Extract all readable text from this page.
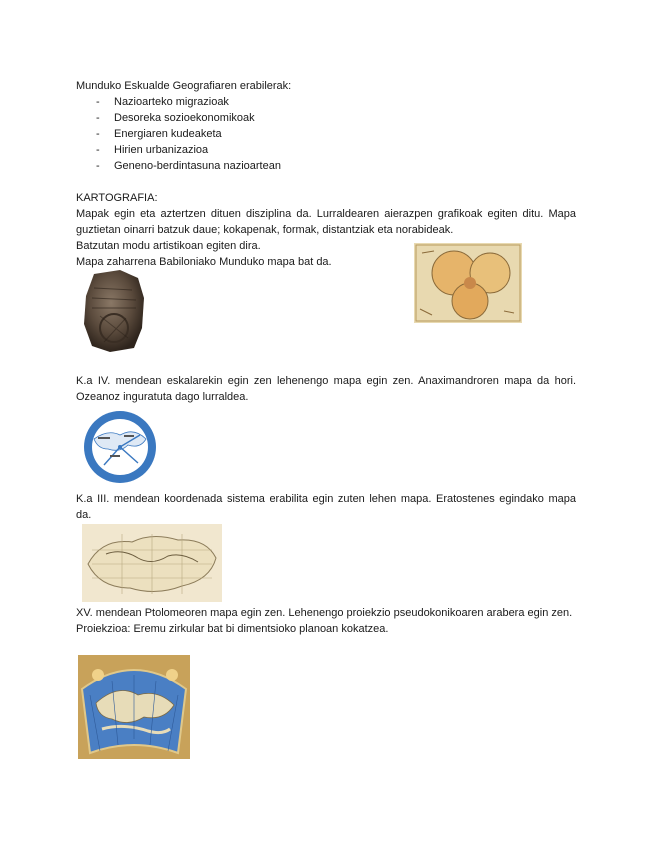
Munduko Eskualde Geografiaren erabilerak:

- Nazioarteko migrazioak
- Desoreka sozioekonomikoak
- Energiaren kudeaketa
- Hirien urbanizazioa
- Geneno-berdintasuna nazioartean

KARTOGRAFIA:

Mapak egin eta aztertzen dituen disziplina da. Lurraldearen aierazpen grafikoak egiten ditu. Mapa guztietan oinarri batzuk daue; kokapenak, formak, distantziak eta norabideak.

Batzutan modu artistikoan egiten dira.

Mapa zaharrena Babiloniako Munduko mapa bat da.

K.a IV. mendean eskalarekin egin zen lehenengo mapa egin zen. Anaximandroren mapa da hori. Ozeanoz inguratuta dago lurraldea.

K.a III. mendean koordenada sistema erabilita egin zuten lehen mapa. Eratostenes egindako mapa da.

XV. mendean Ptolomeoren mapa egin zen. Lehenengo proiekzio pseudokonikoaren arabera egin zen.

Proiekzioa: Eremu zirkular bat bi dimentsioko planoan kokatzea.
